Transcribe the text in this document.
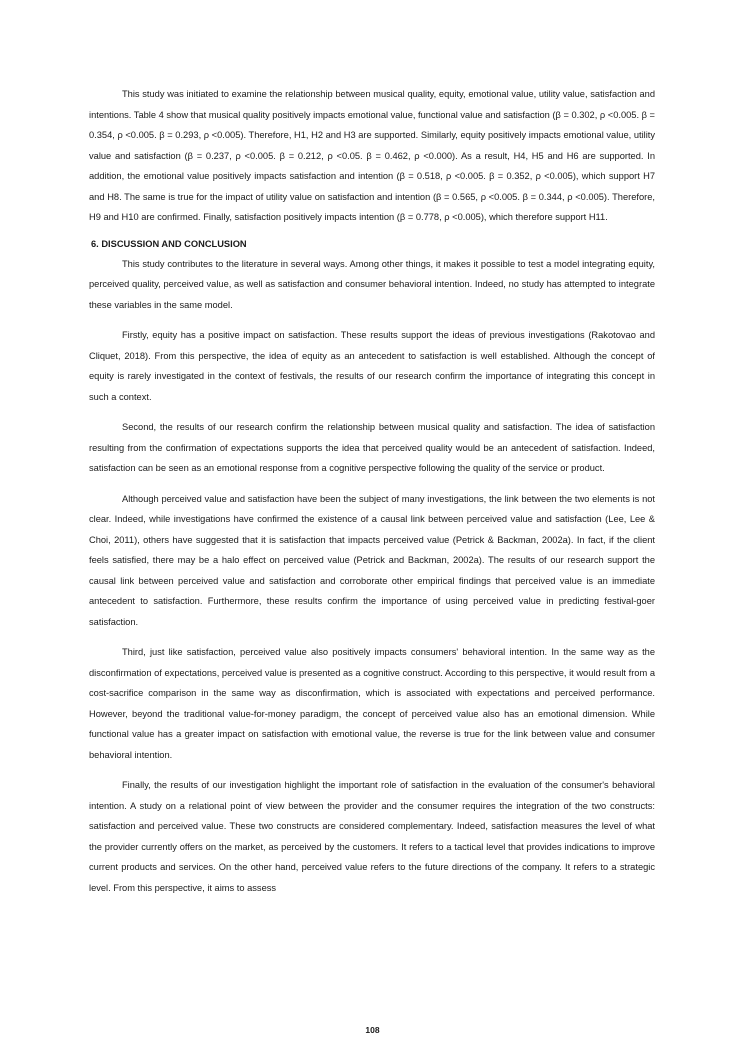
This study was initiated to examine the relationship between musical quality, equity, emotional value, utility value, satisfaction and intentions. Table 4 show that musical quality positively impacts emotional value, functional value and satisfaction (β = 0.302, ρ <0.005. β = 0.354, ρ <0.005. β = 0.293, ρ <0.005). Therefore, H1, H2 and H3 are supported. Similarly, equity positively impacts emotional value, utility value and satisfaction (β = 0.237, ρ <0.005. β = 0.212, ρ <0.05. β = 0.462, ρ <0.000). As a result, H4, H5 and H6 are supported. In addition, the emotional value positively impacts satisfaction and intention (β = 0.518, ρ <0.005. β = 0.352, ρ <0.005), which support H7 and H8. The same is true for the impact of utility value on satisfaction and intention (β = 0.565, ρ <0.005. β = 0.344, ρ <0.005). Therefore, H9 and H10 are confirmed. Finally, satisfaction positively impacts intention (β = 0.778, ρ <0.005), which therefore support H11.

6. DISCUSSION AND CONCLUSION

This study contributes to the literature in several ways. Among other things, it makes it possible to test a model integrating equity, perceived quality, perceived value, as well as satisfaction and consumer behavioral intention. Indeed, no study has attempted to integrate these variables in the same model.

Firstly, equity has a positive impact on satisfaction. These results support the ideas of previous investigations (Rakotovao and Cliquet, 2018). From this perspective, the idea of equity as an antecedent to satisfaction is well established. Although the concept of equity is rarely investigated in the context of festivals, the results of our research confirm the importance of integrating this concept in such a context.

Second, the results of our research confirm the relationship between musical quality and satisfaction. The idea of satisfaction resulting from the confirmation of expectations supports the idea that perceived quality would be an antecedent of satisfaction. Indeed, satisfaction can be seen as an emotional response from a cognitive perspective following the quality of the service or product.

Although perceived value and satisfaction have been the subject of many investigations, the link between the two elements is not clear. Indeed, while investigations have confirmed the existence of a causal link between perceived value and satisfaction (Lee, Lee & Choi, 2011), others have suggested that it is satisfaction that impacts perceived value (Petrick & Backman, 2002a). In fact, if the client feels satisfied, there may be a halo effect on perceived value (Petrick and Backman, 2002a). The results of our research support the causal link between perceived value and satisfaction and corroborate other empirical findings that perceived value is an immediate antecedent to satisfaction. Furthermore, these results confirm the importance of using perceived value in predicting festival-goer satisfaction.

Third, just like satisfaction, perceived value also positively impacts consumers' behavioral intention. In the same way as the disconfirmation of expectations, perceived value is presented as a cognitive construct. According to this perspective, it would result from a cost-sacrifice comparison in the same way as disconfirmation, which is associated with expectations and perceived performance. However, beyond the traditional value-for-money paradigm, the concept of perceived value also has an emotional dimension. While functional value has a greater impact on satisfaction with emotional value, the reverse is true for the link between value and consumer behavioral intention.

Finally, the results of our investigation highlight the important role of satisfaction in the evaluation of the consumer's behavioral intention. A study on a relational point of view between the provider and the consumer requires the integration of the two constructs: satisfaction and perceived value. These two constructs are considered complementary. Indeed, satisfaction measures the level of what the provider currently offers on the market, as perceived by the customers. It refers to a tactical level that provides indications to improve current products and services. On the other hand, perceived value refers to the future directions of the company. It refers to a strategic level. From this perspective, it aims to assess

108
